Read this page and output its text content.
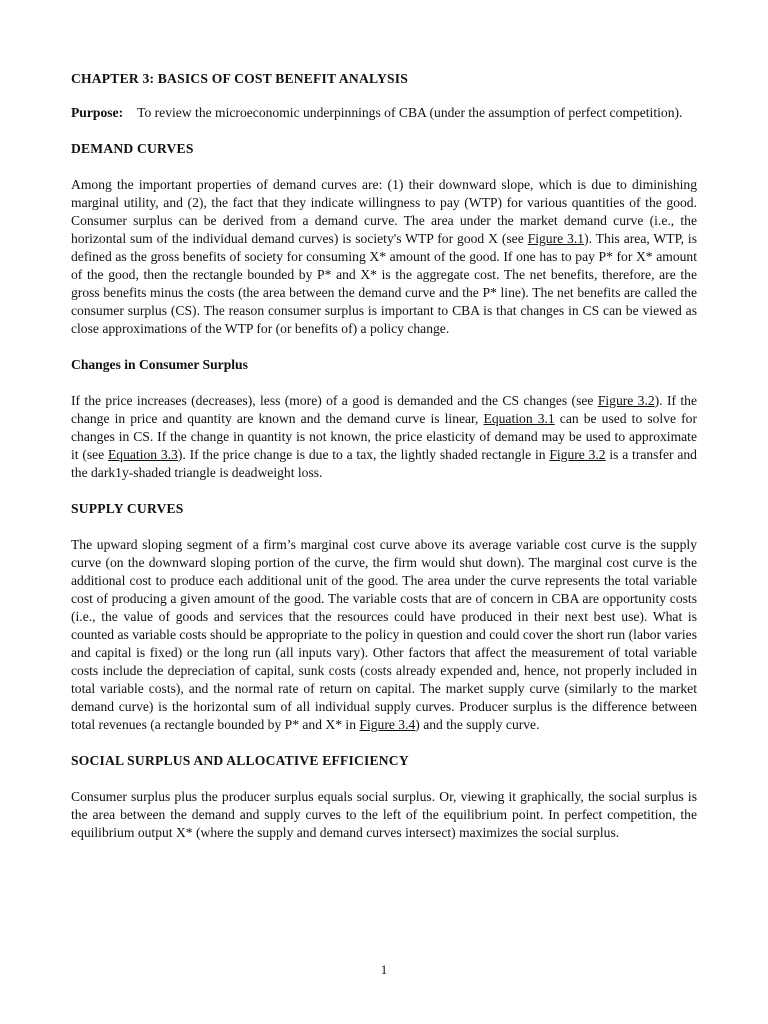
CHAPTER 3: BASICS OF COST BENEFIT ANALYSIS

Purpose: To review the microeconomic underpinnings of CBA (under the assumption of perfect competition).

DEMAND CURVES

Among the important properties of demand curves are: (1) their downward slope, which is due to diminishing marginal utility, and (2), the fact that they indicate willingness to pay (WTP) for various quantities of the good. Consumer surplus can be derived from a demand curve. The area under the market demand curve (i.e., the horizontal sum of the individual demand curves) is society's WTP for good X (see Figure 3.1). This area, WTP, is defined as the gross benefits of society for consuming X* amount of the good. If one has to pay P* for X* amount of the good, then the rectangle bounded by P* and X* is the aggregate cost. The net benefits, therefore, are the gross benefits minus the costs (the area between the demand curve and the P* line). The net benefits are called the consumer surplus (CS). The reason consumer surplus is important to CBA is that changes in CS can be viewed as close approximations of the WTP for (or benefits of) a policy change.

Changes in Consumer Surplus

If the price increases (decreases), less (more) of a good is demanded and the CS changes (see Figure 3.2). If the change in price and quantity are known and the demand curve is linear, Equation 3.1 can be used to solve for changes in CS. If the change in quantity is not known, the price elasticity of demand may be used to approximate it (see Equation 3.3). If the price change is due to a tax, the lightly shaded rectangle in Figure 3.2 is a transfer and the dark1y-shaded triangle is deadweight loss.

SUPPLY CURVES

The upward sloping segment of a firm’s marginal cost curve above its average variable cost curve is the supply curve (on the downward sloping portion of the curve, the firm would shut down). The marginal cost curve is the additional cost to produce each additional unit of the good. The area under the curve represents the total variable cost of producing a given amount of the good. The variable costs that are of concern in CBA are opportunity costs (i.e., the value of goods and services that the resources could have produced in their next best use). What is counted as variable costs should be appropriate to the policy in question and could cover the short run (labor varies and capital is fixed) or the long run (all inputs vary). Other factors that affect the measurement of total variable costs include the depreciation of capital, sunk costs (costs already expended and, hence, not properly included in total variable costs), and the normal rate of return on capital. The market supply curve (similarly to the market demand curve) is the horizontal sum of all individual supply curves. Producer surplus is the difference between total revenues (a rectangle bounded by P* and X* in Figure 3.4) and the supply curve.

SOCIAL SURPLUS AND ALLOCATIVE EFFICIENCY

Consumer surplus plus the producer surplus equals social surplus. Or, viewing it graphically, the social surplus is the area between the demand and supply curves to the left of the equilibrium point. In perfect competition, the equilibrium output X* (where the supply and demand curves intersect) maximizes the social surplus.

1
